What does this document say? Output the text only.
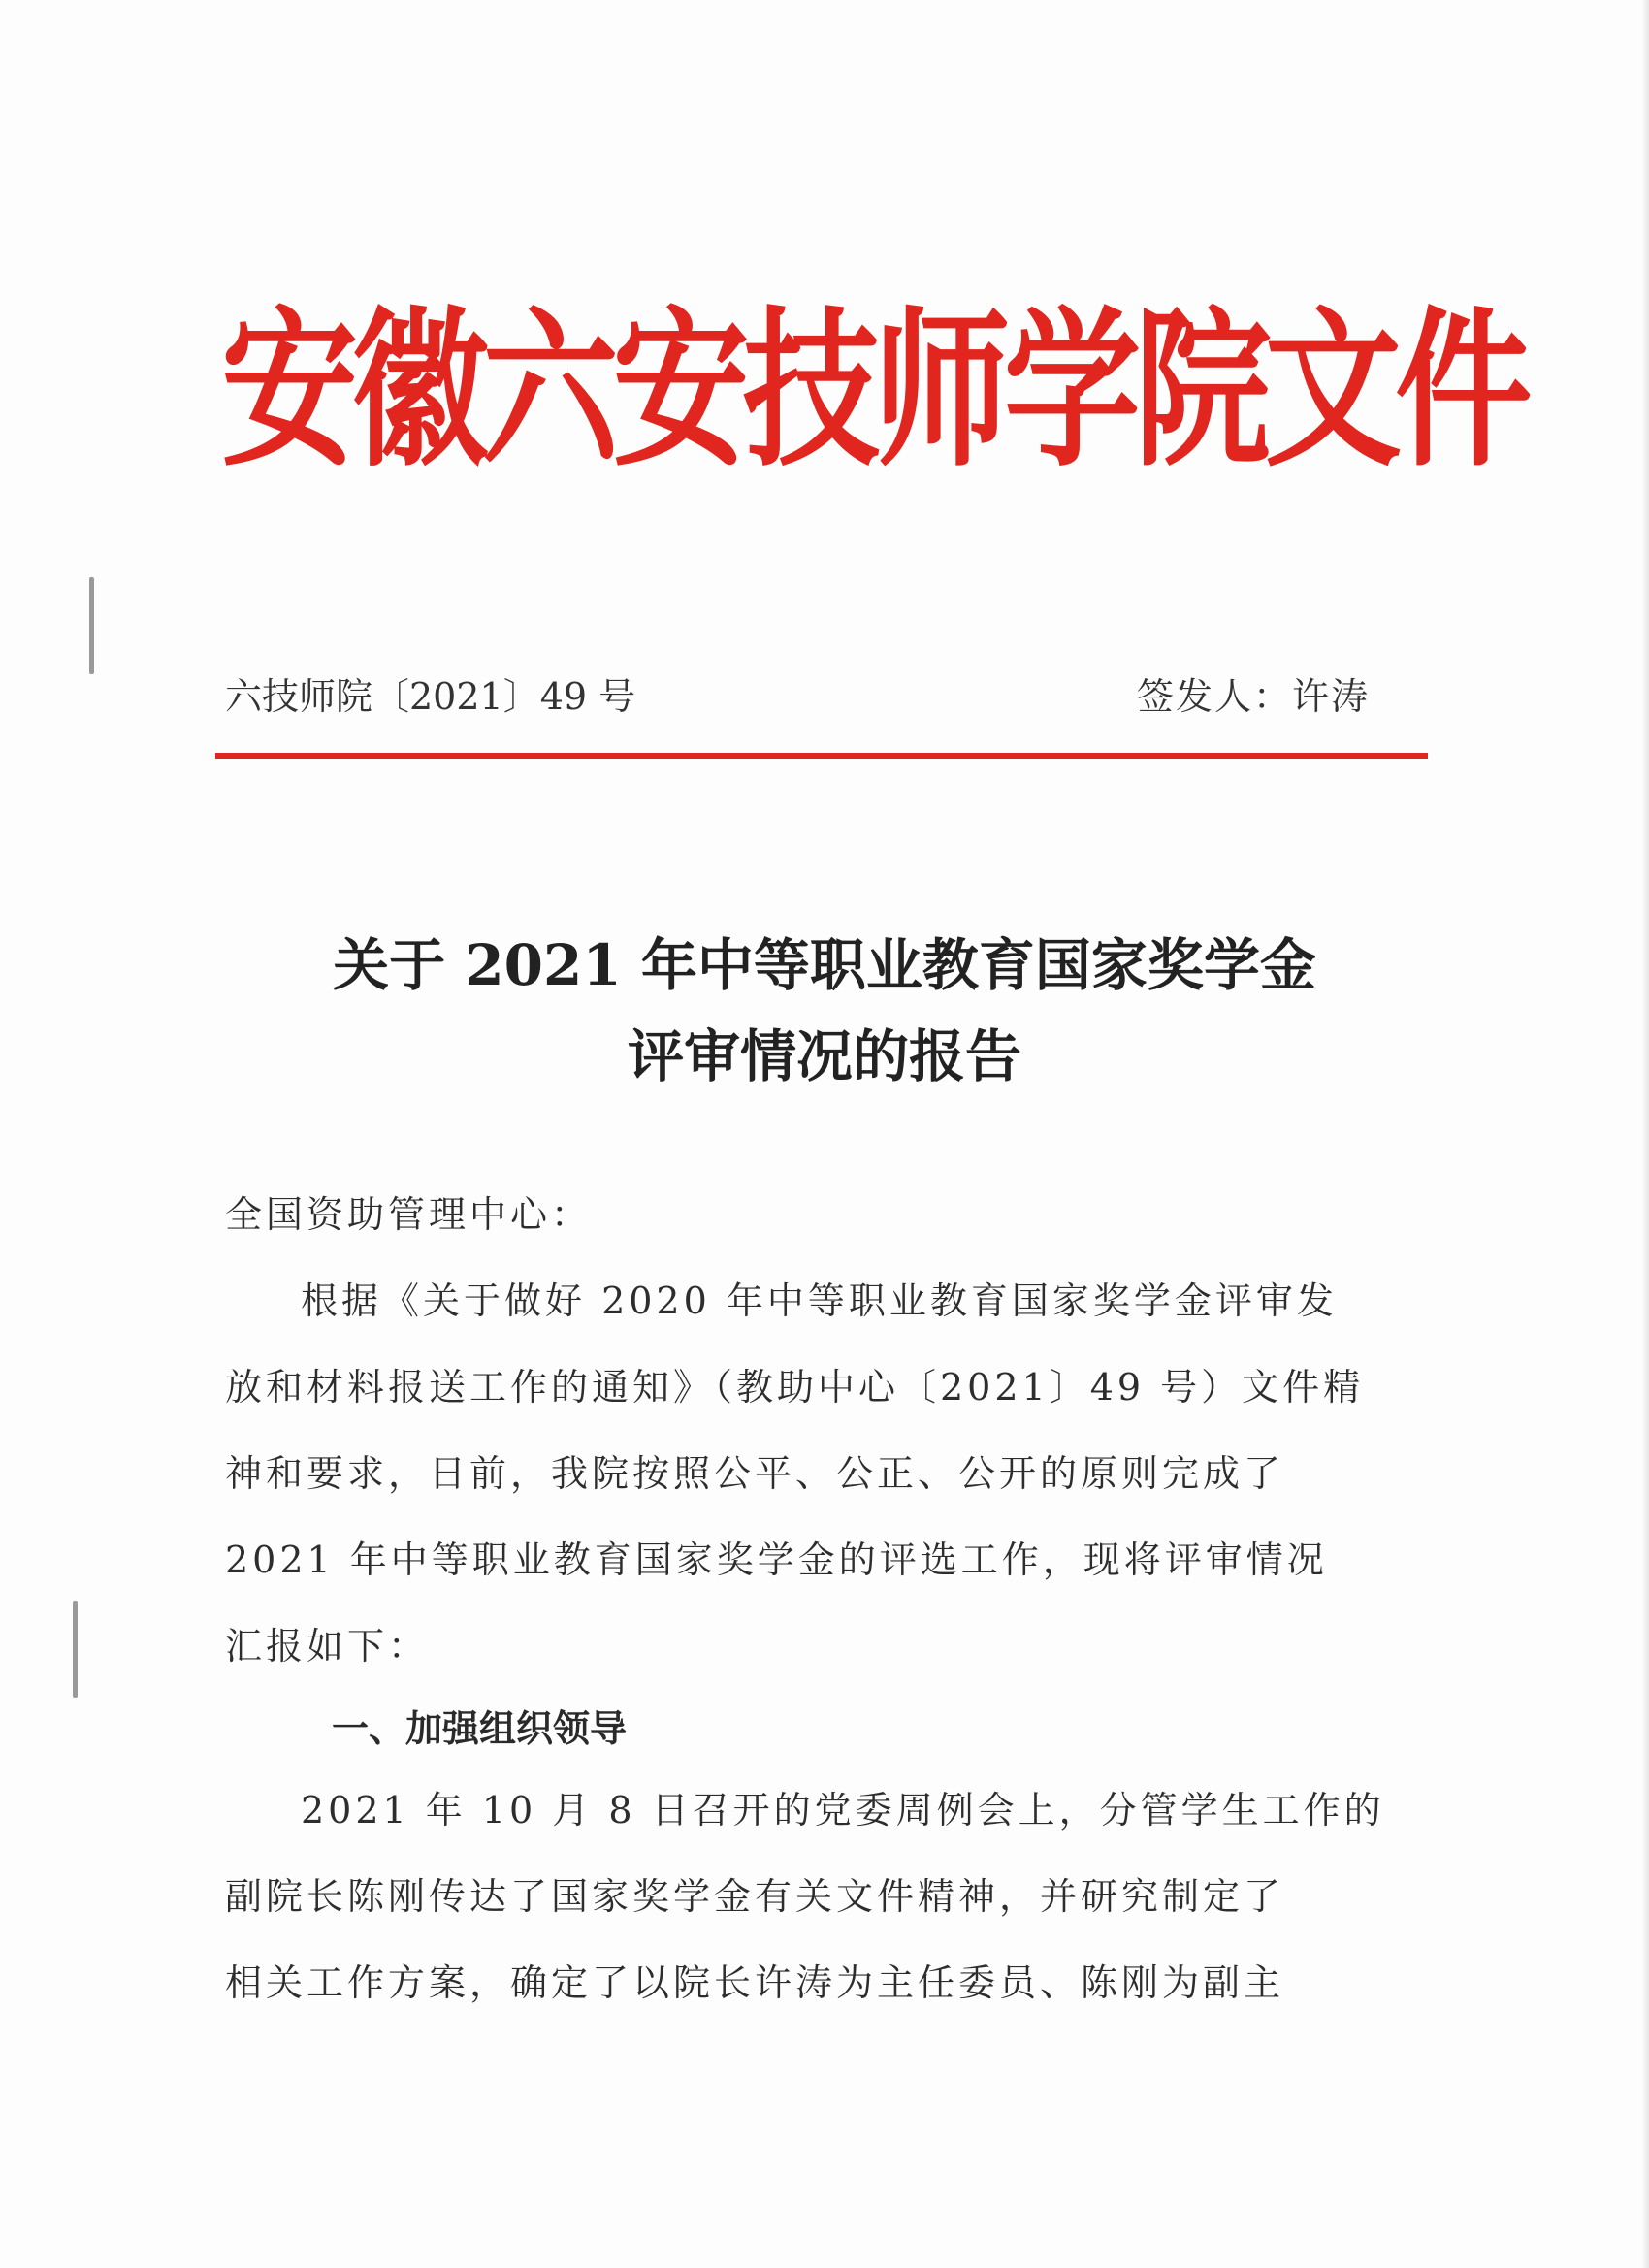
安徽六安技师学院文件
六技师院〔2021〕49 号	签发人：许涛
关于 2021 年中等职业教育国家奖学金
评审情况的报告
全国资助管理中心：
根据《关于做好 2020 年中等职业教育国家奖学金评审发
放和材料报送工作的通知》（教助中心〔2021〕49 号）文件精
神和要求，日前，我院按照公平、公正、公开的原则完成了
2021 年中等职业教育国家奖学金的评选工作，现将评审情况
汇报如下：
一、加强组织领导
2021 年 10 月 8 日召开的党委周例会上，分管学生工作的
副院长陈刚传达了国家奖学金有关文件精神，并研究制定了
相关工作方案，确定了以院长许涛为主任委员、陈刚为副主
